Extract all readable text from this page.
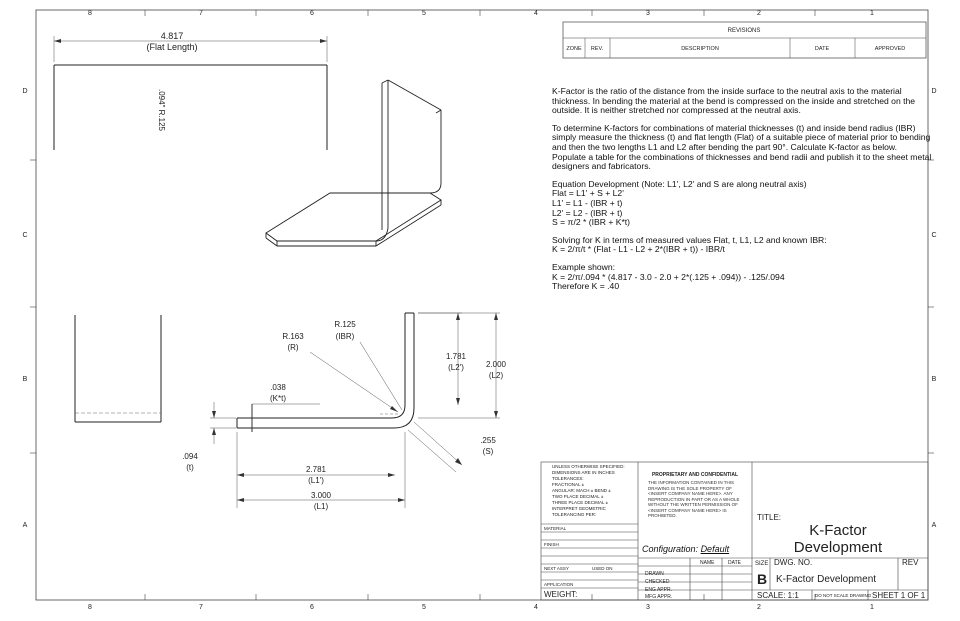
8	7	6	5	4	3	2	1
8	7	6	5	4	3	2	1
D
C
B
A
D
C
B
A
REVISIONS
ZONE REV.	DESCRIPTION	DATE	APPROVED
4.817
(Flat Length)
.094" R.125
R.163
(R)
R.125
(IBR)
.038
(K*t)
1.781
(L2')	2.000
(L2)
.094
(t)	2.781
(L1')
3.000
(L1)
.255
(S)
UNLESS OTHERWISE SPECIFIED:
DIMENSIONS ARE IN INCHES
TOLERANCES:
FRACTIONAL ±
ANGULAR: MACH ± BEND ±
TWO PLACE DECIMAL ±
THREE PLACE DECIMAL ±
INTERPRET GEOMETRIC
TOLERANCING PER:
MATERIAL
FINISH
NEXT ASSY	USED ON
APPLICATION
DO NOT SCALE DRAWING
PROPRIETARY AND CONFIDENTIAL
DRAWN
CHECKED
ENG APPR.
MFG APPR.
NAME	DATE
TITLE:
K-Factor
Development
SIZE
B
DWG. NO.
K-Factor Development
REV
SCALE: 1:1
WEIGHT:	SHEET 1 OF 1
Configuration: Default
THE INFORMATION CONTAINED IN THIS DRAWING IS THE SOLE PROPERTY OF <INSERT COMPANY NAME HERE>. ANY REPRODUCTION IN PART OR AS A WHOLE WITHOUT THE WRITTEN PERMISSION OF <INSERT COMPANY NAME HERE> IS PROHIBITED.

K-Factor is the ratio of the distance from the inside surface to the neutral axis to the material thickness. In bending the material at the bend is compressed on the inside and stretched on the outside. It is neither stretched nor compressed at the neutral axis.

To determine K-factors for combinations of material thicknesses (t) and inside bend radius (IBR) simply measure the thickness (t) and flat length (Flat) of a suitable piece of material prior to bending and then the two lengths L1 and L2 after bending the part 90°. Calculate K-factor as below. Populate a table for the combinations of thicknesses and bend radii and publish it to the sheet metal designers and fabricators.

Equation Development (Note: L1', L2' and S are along neutral axis)
Flat = L1' + S + L2'
L1' = L1 - (IBR + t)
L2' = L2 - (IBR + t)
S = π/2 * (IBR + K*t)

Solving for K in terms of measured values Flat, t, L1, L2 and known IBR:
K = 2/π/t * (Flat - L1 - L2 + 2*(IBR + t)) - IBR/t

Example shown:
K = 2/π/.094 * (4.817 - 3.0 - 2.0 + 2*(.125 + .094)) - .125/.094
Therefore K = .40
